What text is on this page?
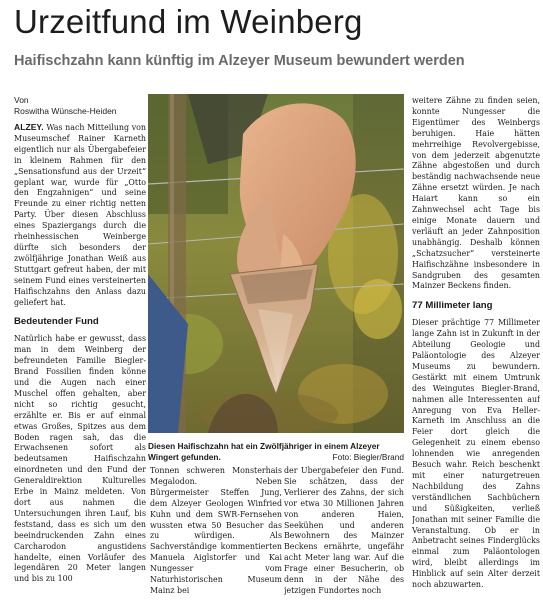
Urzeitfund im Weinberg
Haifischzahn kann künftig im Alzeyer Museum bewundert werden
Von
Roswitha Wünsche-Heiden

ALZEY. Was nach Mitteilung von Museumschef Rainer Karneth eigentlich nur als Übergabefeier in kleinem Rahmen für den „Sensationsfund aus der Urzeit“ geplant war, wurde für „Otto den Engzahnigen“ und seine Freunde zu einer richtig netten Party. Über diesen Abschluss eines Spaziergangs durch die rheinhessischen Weinberge dürfte sich besonders der zwölfjährige Jonathan Weiß aus Stuttgart gefreut haben, der mit seinem Fund eines versteinerten Haifischzahns den Anlass dazu geliefert hat.

Bedeutender Fund

Natürlich habe er gewusst, dass man in dem Weinberg der befreundeten Familie Biegler-Brand Fossilien finden könne und die Augen nach einer Muschel offen gehalten, aber nicht so richtig gesucht, erzählte er. Bis er auf einmal etwas Großes, Spitzes aus dem Boden ragen sah, das die Erwachsenen sofort als bedeutsamen Haifischzahn einordneten und den Fund der Generaldirektion Kulturelles Erbe in Mainz meldeten. Von dort aus nahmen die Untersuchungen ihren Lauf, bis feststand, dass es sich um den beeindruckenden Zahn eines Carcharodon angustidens handelte, einen Vorläufer des legendären 20 Meter langen und bis zu 100

Diesen Haifischzahn hat ein Zwölfjähriger in einem Alzeyer Wingert gefunden.	Foto: Biegler/Brand

Tonnen schweren Monsterhais Megalodon. Neben Bürgermeister Steffen Jung, dem Alzeyer Geologen Winfried Kuhn und dem SWR-Fernsehen wussten etwa 50 Besucher das zu würdigen. Als Sachverständige kommentierten Manuela Aiglstorfer und Kai Nungesser vom Naturhistorischen Museum Mainz bei

der Übergabefeier den Fund. Sie schätzen, dass der Verlierer des Zahns, der sich vor etwa 30 Millionen Jahren von anderen Haien, Seekühen und anderen Bewohnern des Mainzer Beckens ernährte, ungefähr acht Meter lang war. Auf die Frage einer Besucherin, ob denn in der Nähe des jetzigen Fundortes noch

weitere Zähne zu finden seien, konnte Nungesser die Eigentümer des Weinbergs beruhigen. Haie hätten mehrreihige Revolvergebisse, von dem jederzeit abgenutzte Zähne abgestoßen und durch beständig nachwachsende neue Zähne ersetzt würden. Je nach Haiart kann so ein Zahnwechsel acht Tage bis einige Monate dauern und verläuft an jeder Zahnposition unabhängig. Deshalb können „Schatzsucher“ versteinerte Haifischzähne insbesondere in Sandgruben des gesamten Mainzer Beckens finden.

77 Millimeter lang

Dieser prächtige 77 Millimeter lange Zahn ist in Zukunft in der Abteilung Geologie und Paläontologie des Alzeyer Museums zu bewundern. Gestärkt mit einem Umtrunk des Weingutes Biegler-Brand, nahmen alle Interessenten auf Anregung von Eva Heller-Karneth im Anschluss an die Feier dort gleich die Gelegenheit zu einem ebenso lohnenden wie anregenden Besuch wahr. Reich beschenkt mit einer naturgetreuen Nachbildung des Zahns verständlichen Sachbüchern und Süßigkeiten, verließ Jonathan mit seiner Familie die Veranstaltung. Ob er in Anbetracht seines Finderglücks einmal zum Paläontologen wird, bleibt allerdings im Hinblick auf sein Alter derzeit noch abzuwarten.
